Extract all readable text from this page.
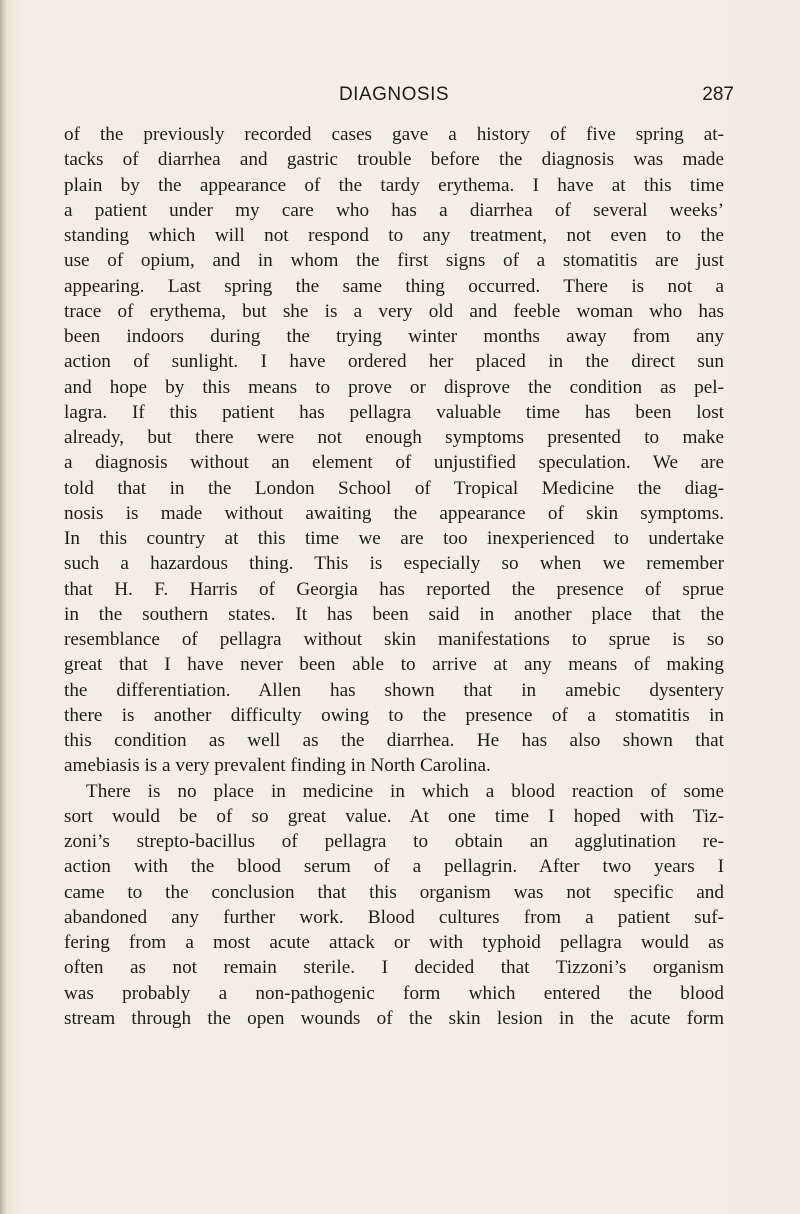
DIAGNOSIS	287
of the previously recorded cases gave a history of five spring at-
tacks of diarrhea and gastric trouble before the diagnosis was made
plain by the appearance of the tardy erythema. I have at this time
a patient under my care who has a diarrhea of several weeks’
standing which will not respond to any treatment, not even to the
use of opium, and in whom the first signs of a stomatitis are just
appearing. Last spring the same thing occurred. There is not a
trace of erythema, but she is a very old and feeble woman who has
been indoors during the trying winter months away from any
action of sunlight. I have ordered her placed in the direct sun
and hope by this means to prove or disprove the condition as pel-
lagra. If this patient has pellagra valuable time has been lost
already, but there were not enough symptoms presented to make
a diagnosis without an element of unjustified speculation. We are
told that in the London School of Tropical Medicine the diag-
nosis is made without awaiting the appearance of skin symptoms.
In this country at this time we are too inexperienced to undertake
such a hazardous thing. This is especially so when we remember
that H. F. Harris of Georgia has reported the presence of sprue
in the southern states. It has been said in another place that the
resemblance of pellagra without skin manifestations to sprue is so
great that I have never been able to arrive at any means of making
the differentiation. Allen has shown that in amebic dysentery
there is another difficulty owing to the presence of a stomatitis in
this condition as well as the diarrhea. He has also shown that
amebiasis is a very prevalent finding in North Carolina.
There is no place in medicine in which a blood reaction of some
sort would be of so great value. At one time I hoped with Tiz-
zoni’s strepto-bacillus of pellagra to obtain an agglutination re-
action with the blood serum of a pellagrin. After two years I
came to the conclusion that this organism was not specific and
abandoned any further work. Blood cultures from a patient suf-
fering from a most acute attack or with typhoid pellagra would as
often as not remain sterile. I decided that Tizzoni’s organism
was probably a non-pathogenic form which entered the blood
stream through the open wounds of the skin lesion in the acute form
